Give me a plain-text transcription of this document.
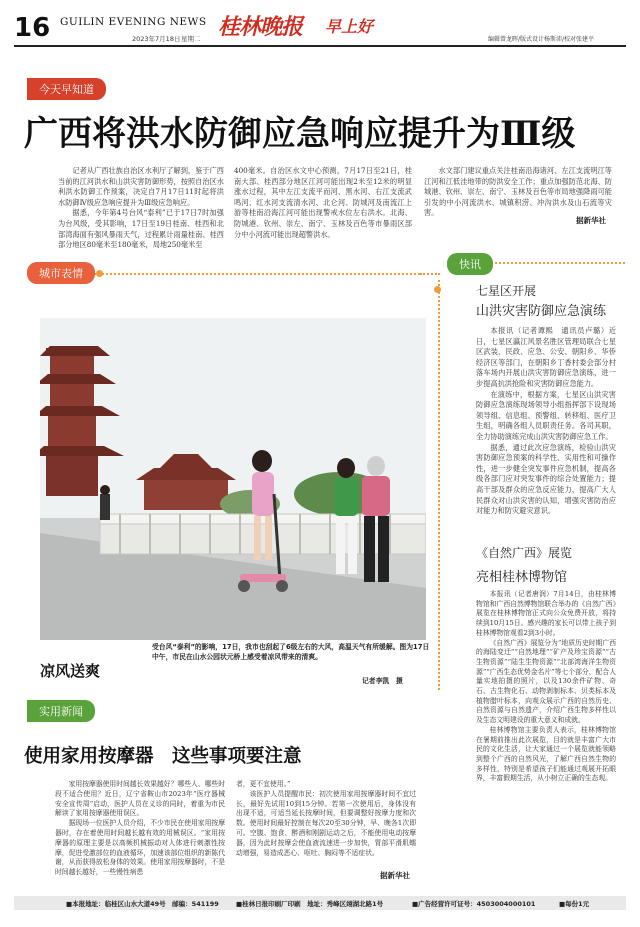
16 GUILIN EVENING NEWS
2023年7月18日 星期二 桂林晚报 早上好
编辑曾龙晖/版式设计杨斯沛/校对张建平
今天早知道
广西将洪水防御应急响应提升为Ⅲ级

记者从广西壮族自治区水利厅了解到，鉴于广西当前的江河洪水和山洪灾害防御形势，按照自治区水利洪水防御工作预案，决定自7月17日11时起将洪水防御Ⅳ级应急响应提升为Ⅲ级应急响应。

据悉，今年第4号台风“泰利”已于17日7时加强为台风级，受其影响，17日至19日桂南、桂西和北部湾海面有强风暴雨天气，过程累计雨量桂南、桂西部分地区80毫米至180毫米，局地250毫米至

400毫米。自治区水文中心预测，7月17日至21日，桂南大部、桂西部分地区江河可能出现2米至12米的明显涨水过程，其中左江支流平而河、黑水河、右江支流武鸣河、红水河支流清水河、北仑河、防城河及南流江上游等桂南沿海江河可能出现警戒水位左右洪水。北海、防城港、钦州、崇左、南宁、玉林及百色等市暴雨区部分中小河流可能出现超警洪水。

水文部门建议重点关注桂南沿海诸河、左江支流明江等江河和江低洼地带的防洪安全工作；重点加强防范北海、防城港、钦州、崇左、南宁、玉林及百色等市局地强降雨可能引发的中小河流洪水、城镇积涝、冲沟洪水及山石流等灾害。

据新华社
城市表情
受台风“泰利”的影响，17日，我市也刮起了6级左右的大风，高温天气有所缓解。图为17日中午，市民在山水公园状元桥上感受着凉风带来的清爽。
记者李凯　摄
凉风送爽
快讯
七星区开展
山洪灾害防御应急演练

本报讯（记者谭熙　通讯员卢璐）近日，七星区瀛江风景名胜区管理局联合七星区武装、民政、应急、公安、朝阳乡、华侨经济区等部门，在朝阳乡丁香村委会部分村落车场内开展山洪灾害防御应急演练，进一步提高抗洪抢险和灾害防御应急能力。

在演练中，根据方案，七星区山洪灾害防御应急演练现场领导小组指挥部下设现场领导组、信息组、预警组、转移组、医疗卫生组，明确各组人员职责任务。各司其职，全力协助演练完成山洪灾害防御应急工作。

据悉，通过此次应急演练，检验山洪灾害防御应急预案的科学性、实用性和可操作性，进一步健全突发事件应急机制，提高各级各部门应对突发事件的综合处置能力；提高干部及群众的应急反应能力，提高广大人民群众对山洪灾害的认知，增强灾害防治应对能力和防灾避灾意识。

《自然广西》展览
亮相桂林博物馆

本报讯（记者唐润）7月14日，由桂林博物馆和广西自然博物馆联合举办的《自然广西》展览在桂林博物馆正式向公众免费开放，将持续到10月15日。感兴趣的家长可以带上孩子到桂林博物馆观看2到3小时。

《自然广西》展览分为“地质历史时期广西的海陆变迁”“自然地理”“矿产及珍宝资源”“古生物资源”“陆生生物资源”“北部湾海洋生物资源”“广西生态优势金名片”等七个部分，配合人量实地拍摄的照片，以及130余件矿物、奇石、古生物化石、动物剥制标本、贝类标本及植物腊叶标本，向观众展示广西的自然历史、自然资源与自然遗产，介绍广西生物多样性以及生态文明建设的重大意义和成就。

桂林博物馆主要负责人表示，桂林博物馆在暑期前推出此次展览，目的就是丰富广大市民的文化生活，让大家通过一个展览就能领略到整个广西的自然风光，了解广西自然生物的多样性，特别是希望孩子们能通过观展开拓眼界，丰富假期生活，从小树立正确的生态观。

实用新闻
使用家用按摩器　这些事项要注意

家用按摩器使用时间越长效果越好？哪些人、哪些时段不适合使用？近日，辽宁省鞍山市2023年“医疗器械安全宣传周”启动，医护人员在义诊的同时，着重为市民解读了家用按摩器使用误区。

据现场一位医护人员介绍，不少市民在使用家用按摩器时，存在着使用时间越长越有效的用械误区。“家用按摩器的原理主要是以高频机械振动对人体进行刺激性按摩，促进受激部位的血液循环，加速该部位组织的新陈代谢，从而获得放松身体的效果。使用家用按摩器时，不是时间越长越好，一些慢性病患

者，更不宜使用。”

该医护人员提醒市民：初次使用家用按摩器时间不宜过长，最好先试用10到15分钟。若第一次使用后，身体没有出现不适，可适当延长按摩时间，但要调整好按摩力度和次数。使用时间最好控制在每次20至30分钟，早、晚各1次即可。空腹、饱食、醉酒和刚剧运动之后，不能使用电动按摩器，因为此时按摩会使血液流速进一步加快，胃部平滑肌蠕动增强，易造成恶心、呕吐、胸闷等不适症状。

据新华社
■本报地址：临桂区山水大道49号　邮编：541199	■桂林日报印刷厂印刷　地址：秀峰区翊湖北路1号	■广告经营许可证号：4503004000101	■每份1元
